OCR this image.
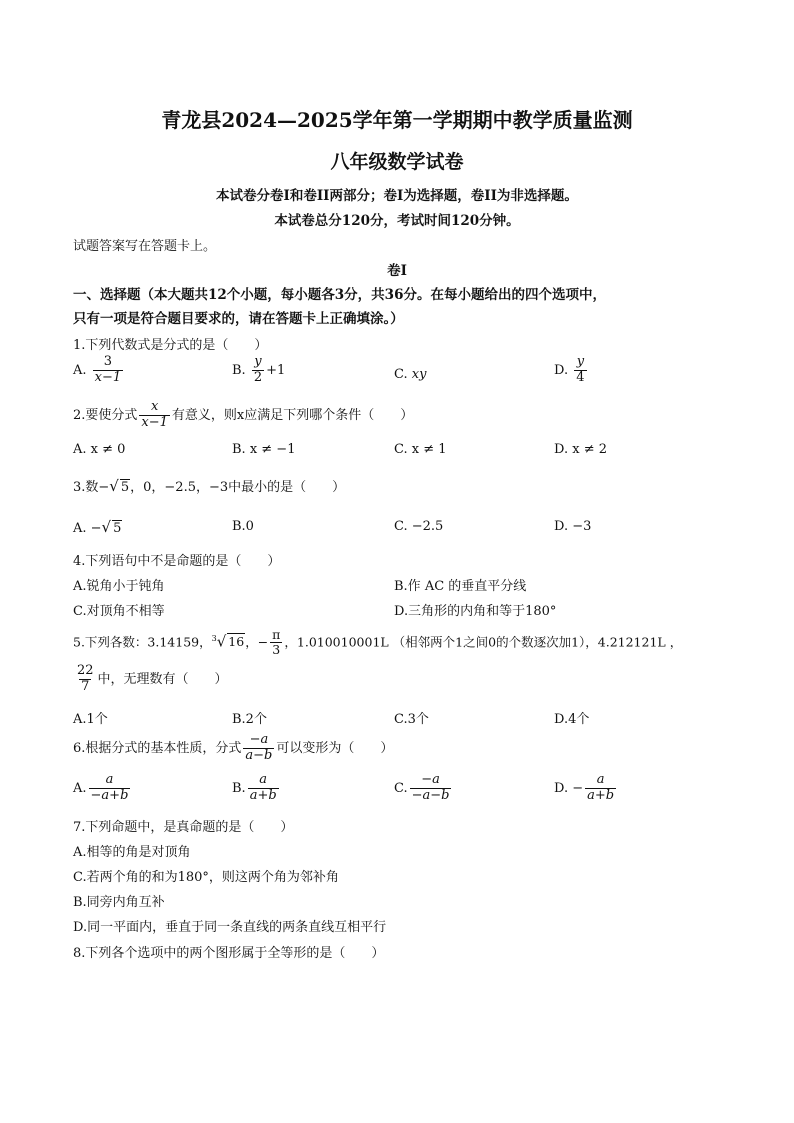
青龙县2024—2025学年第一学期期中教学质量监测
八年级数学试卷
本试卷分卷I和卷II两部分；卷I为选择题，卷II为非选择题。
本试卷总分120分，考试时间120分钟。
试题答案写在答题卡上。
卷I
一、选择题（本大题共12个小题，每小题各3分，共36分。在每小题给出的四个选项中，
只有一项是符合题目要求的，请在答题卡上正确填涂。）
1.下列代数式是分式的是（　　）
A. $\frac{3}{x-1}$	B. $\frac{y}{2} +1$	C. xy	D. $\frac{y}{4}$
2.要使分式 $\frac{x}{x-1}$ 有意义，则x应满足下列哪个条件（　　）
A. x ≠ 0	B. x ≠ −1	C. x ≠ 1	D. x ≠ 2
3.数−√ 5，0，−2.5，−3中最小的是（　　）
A. −√ 5	B.0	C. −2.5	D. −3
4.下列语句中不是命题的是（　　）
A.锐角小于钝角	B.作 AC 的垂直平分线
C.对顶角不相等	D.三角形的内角和等于180°
5.下列各数：3.14159，$^3$√ 16，− $\frac{\pi}{3}$ ，1.010010001L （相邻两个1之间0的个数逐次加1），4.212121L ，
$\frac{22}{7}$ 中，无理数有（　　）
A.1个	B.2个	C.3个	D.4个
6.根据分式的基本性质，分式 $\frac{-a}{a-b}$ 可以变形为（　　）
A. $\frac{a}{-a+b}$	B. $\frac{a}{a+b}$	C. $\frac{-a}{-a-b}$	D. − $\frac{a}{a+b}$
7.下列命题中，是真命题的是（　　）
A.相等的角是对顶角
C.若两个角的和为180°，则这两个角为邻补角
B.同旁内角互补
D.同一平面内，垂直于同一条直线的两条直线互相平行
8.下列各个选项中的两个图形属于全等形的是（　　）
